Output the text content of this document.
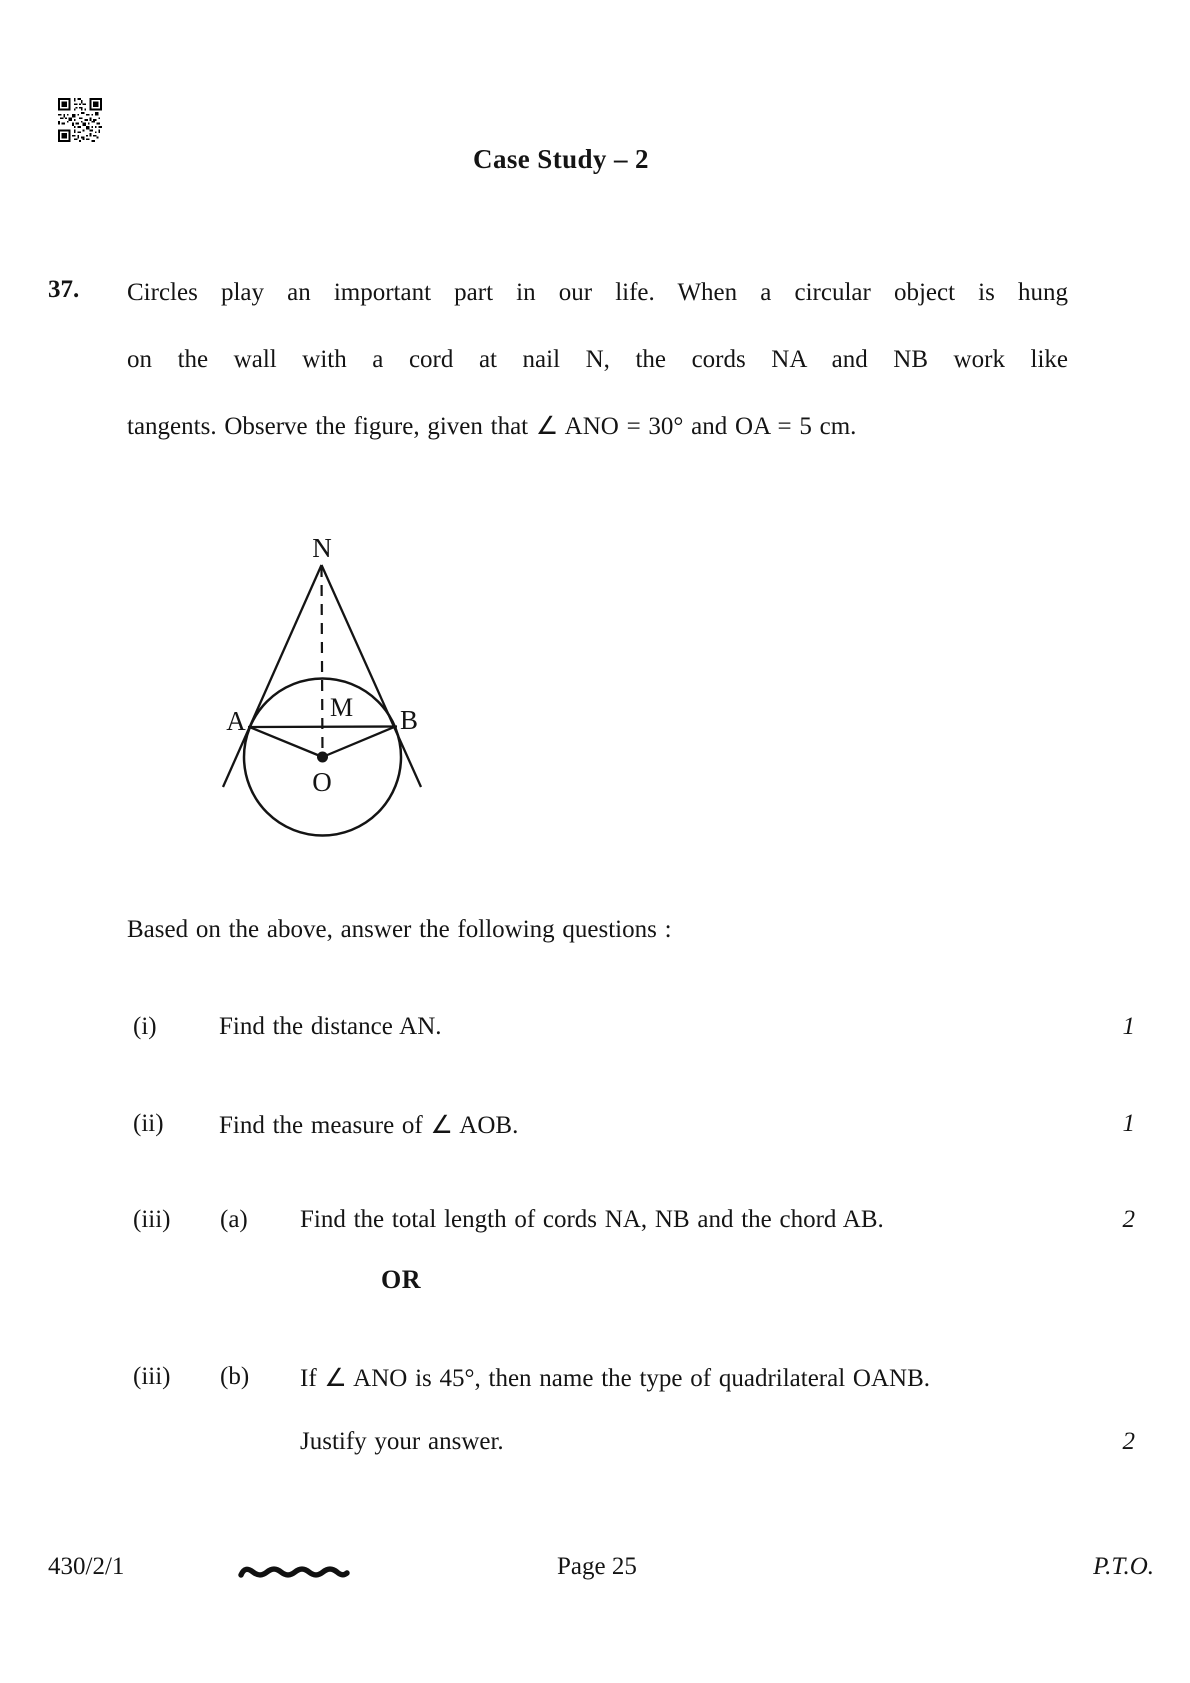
Case Study – 2
37. Circles play an important part in our life. When a circular object is hung
on the wall with a cord at nail N, the cords NA and NB work like
tangents. Observe the figure, given that ∠ ANO = 30° and OA = 5 cm.
N
A	B
M
O
Based on the above, answer the following questions :
(i) Find the distance AN.	1
(ii) Find the measure of ∠ AOB.	1
(iii) (a) Find the total length of cords NA, NB and the chord AB.	2
OR
(iii) (b) If ∠ ANO is 45°, then name the type of quadrilateral OANB.
Justify your answer.	2
430/2/1	Page 25	P.T.O.
